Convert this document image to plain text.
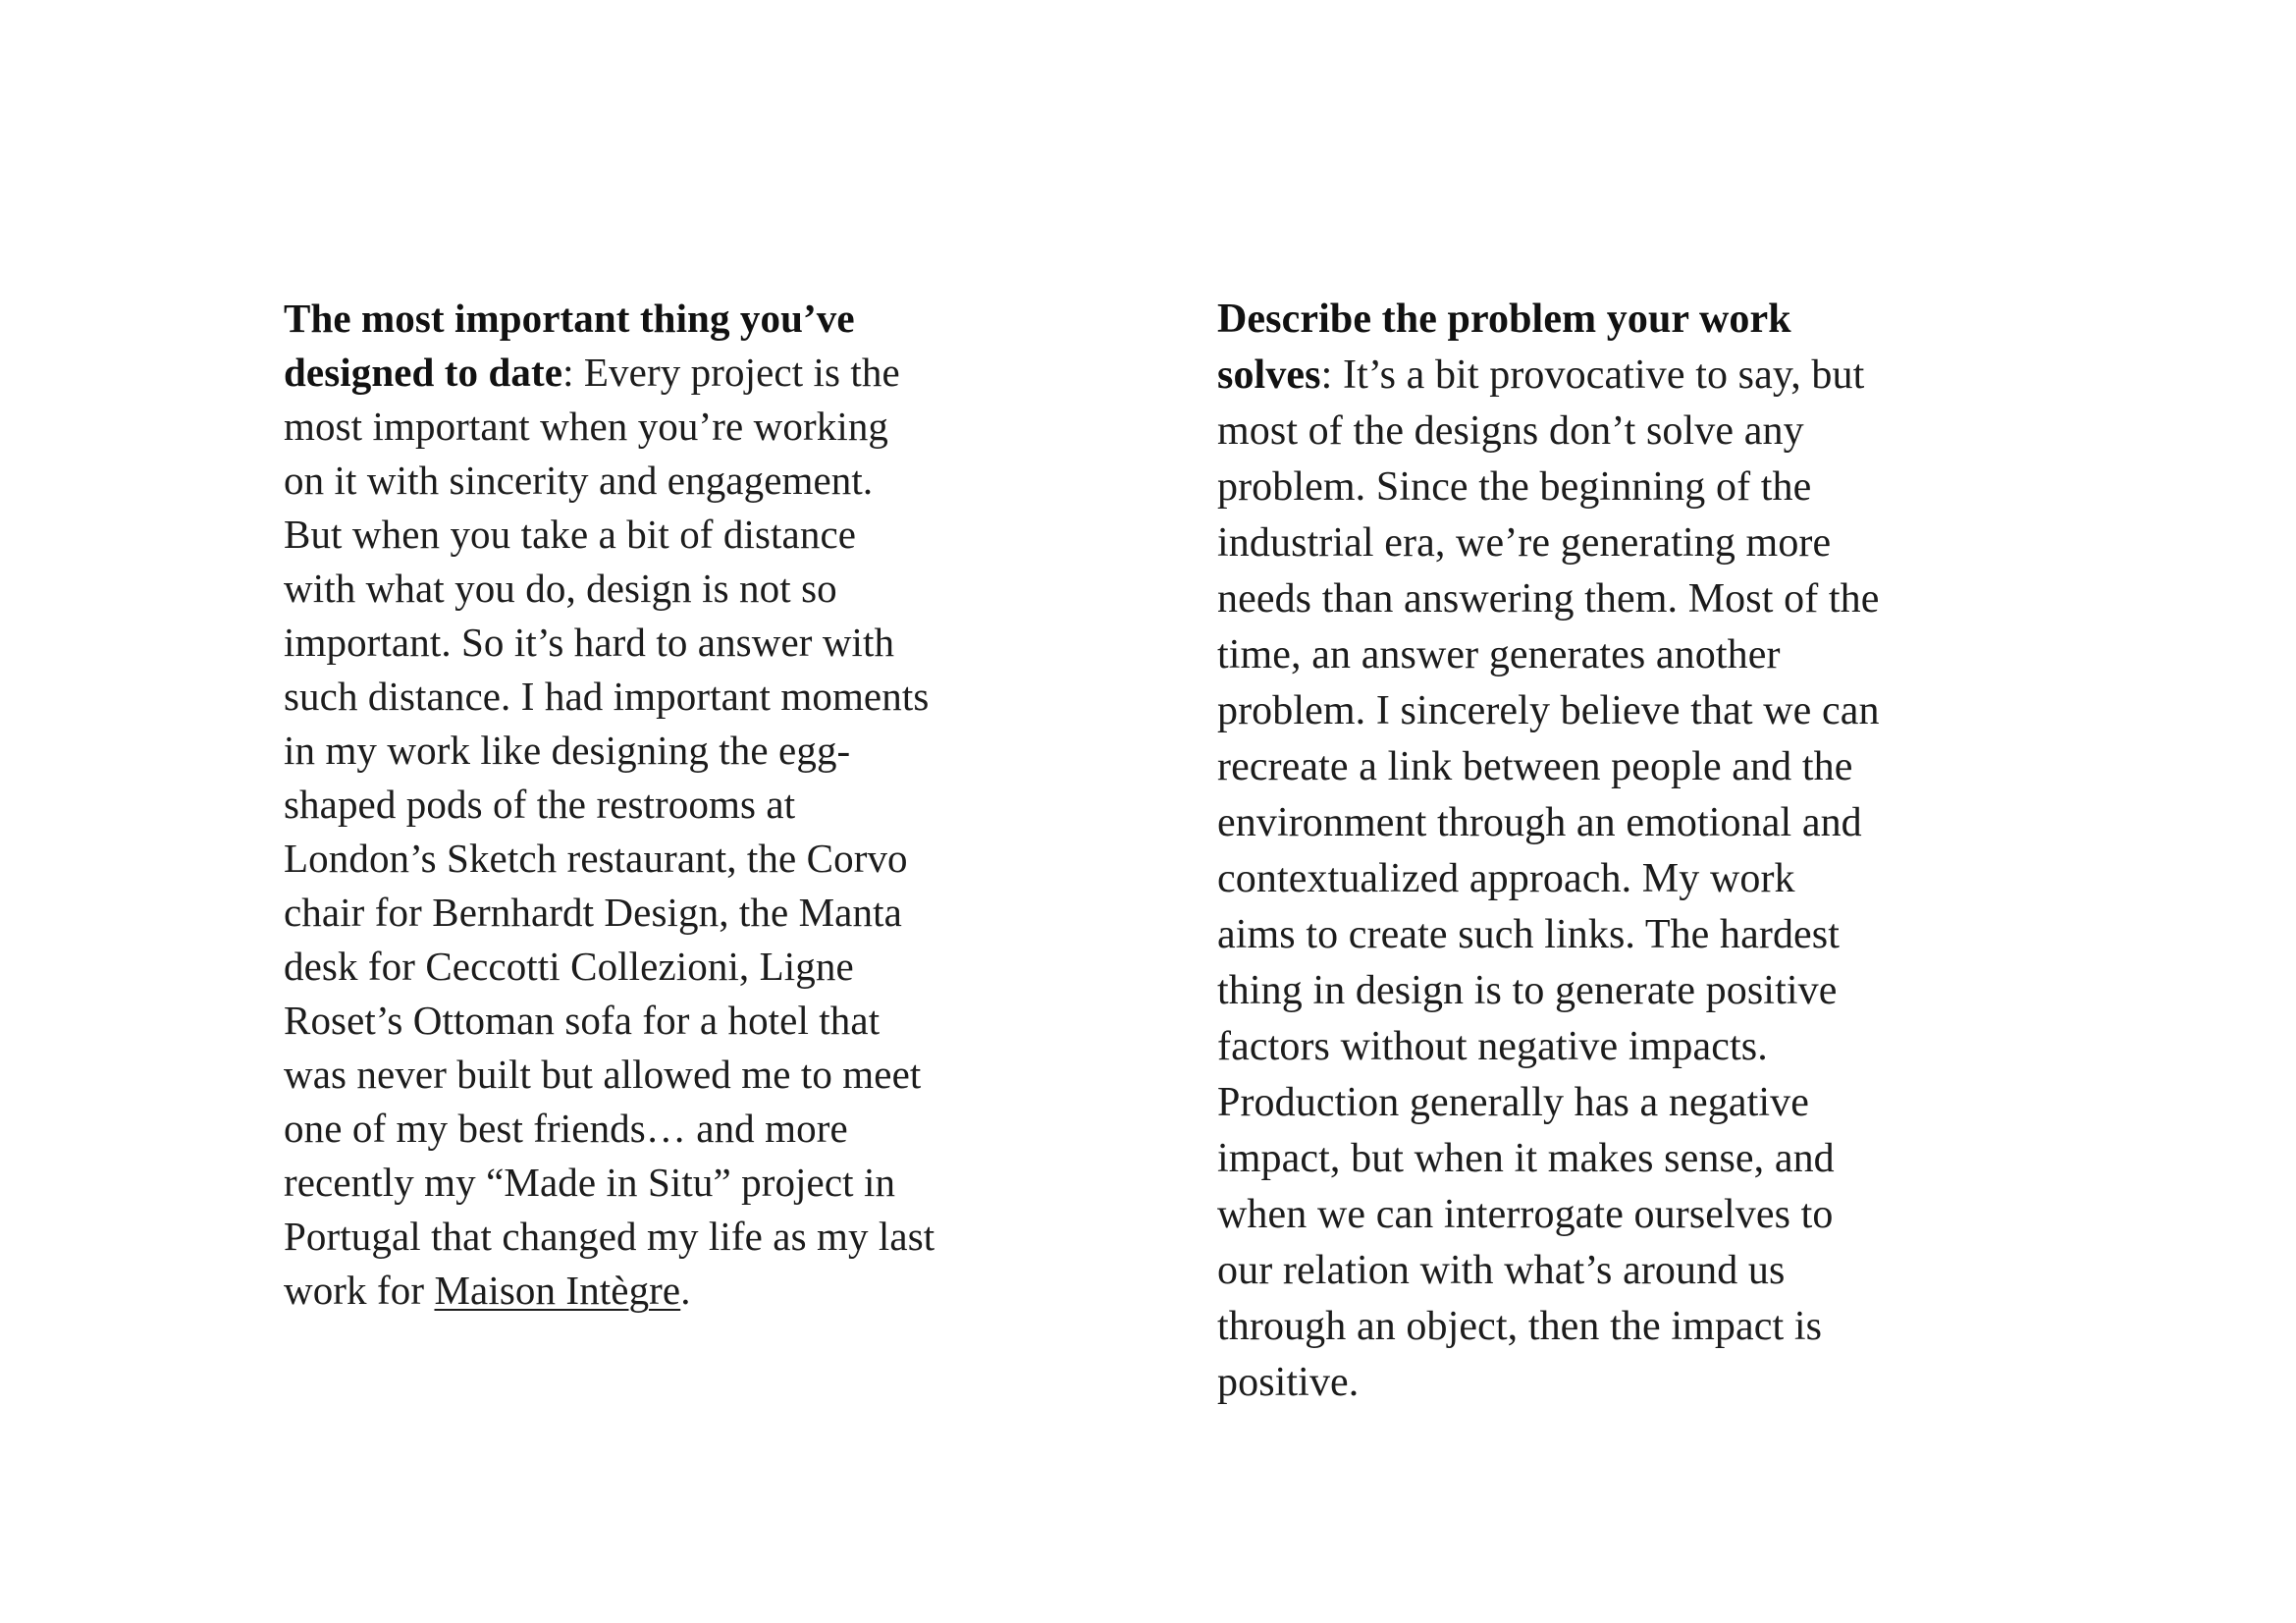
The most important thing you’ve
designed to date: Every project is the
most important when you’re working
on it with sincerity and engagement.
But when you take a bit of distance
with what you do, design is not so
important. So it’s hard to answer with
such distance. I had important moments
in my work like designing the egg-
shaped pods of the restrooms at
London’s Sketch restaurant, the Corvo
chair for Bernhardt Design, the Manta
desk for Ceccotti Collezioni, Ligne
Roset’s Ottoman sofa for a hotel that
was never built but allowed me to meet
one of my best friends… and more
recently my “Made in Situ” project in
Portugal that changed my life as my last
work for Maison Intègre.
Describe the problem your work
solves: It’s a bit provocative to say, but
most of the designs don’t solve any
problem. Since the beginning of the
industrial era, we’re generating more
needs than answering them. Most of the
time, an answer generates another
problem. I sincerely believe that we can
recreate a link between people and the
environment through an emotional and
contextualized approach. My work
aims to create such links. The hardest
thing in design is to generate positive
factors without negative impacts.
Production generally has a negative
impact, but when it makes sense, and
when we can interrogate ourselves to
our relation with what’s around us
through an object, then the impact is
positive.
